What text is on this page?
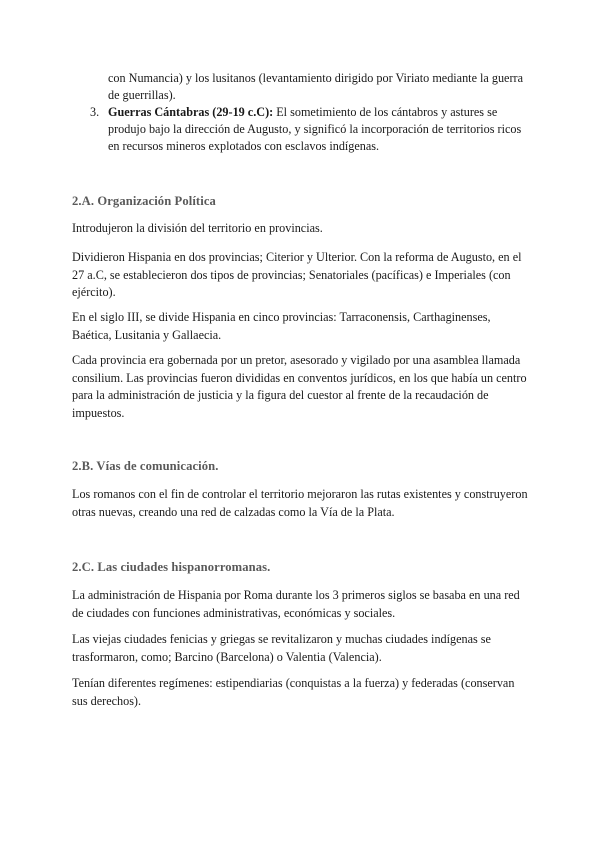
con Numancia) y los lusitanos (levantamiento dirigido por Viriato mediante la guerra de guerrillas).
3. Guerras Cántabras (29-19 c.C): El sometimiento de los cántabros y astures se produjo bajo la dirección de Augusto, y significó la incorporación de territorios ricos en recursos mineros explotados con esclavos indígenas.
2.A. Organización Política

Introdujeron la división del territorio en provincias.

Dividieron Hispania en dos provincias; Citerior y Ulterior. Con la reforma de Augusto, en el 27 a.C, se establecieron dos tipos de provincias; Senatoriales (pacíficas) e Imperiales (con ejército).

En el siglo III, se divide Hispania en cinco provincias: Tarraconensis, Carthaginenses, Baética, Lusitania y Gallaecia.

Cada provincia era gobernada por un pretor, asesorado y vigilado por una asamblea llamada consilium. Las provincias fueron divididas en conventos jurídicos, en los que había un centro para la administración de justicia y la figura del cuestor al frente de la recaudación de impuestos.

2.B. Vías de comunicación.

Los romanos con el fin de controlar el territorio mejoraron las rutas existentes y construyeron otras nuevas, creando una red de calzadas como la Vía de la Plata.

2.C. Las ciudades hispanorromanas.

La administración de Hispania por Roma durante los 3 primeros siglos se basaba en una red de ciudades con funciones administrativas, económicas y sociales.

Las viejas ciudades fenicias y griegas se revitalizaron y muchas ciudades indígenas se trasformaron, como; Barcino (Barcelona) o Valentia (Valencia).

Tenían diferentes regímenes: estipendiarias (conquistas a la fuerza) y federadas (conservan sus derechos).
